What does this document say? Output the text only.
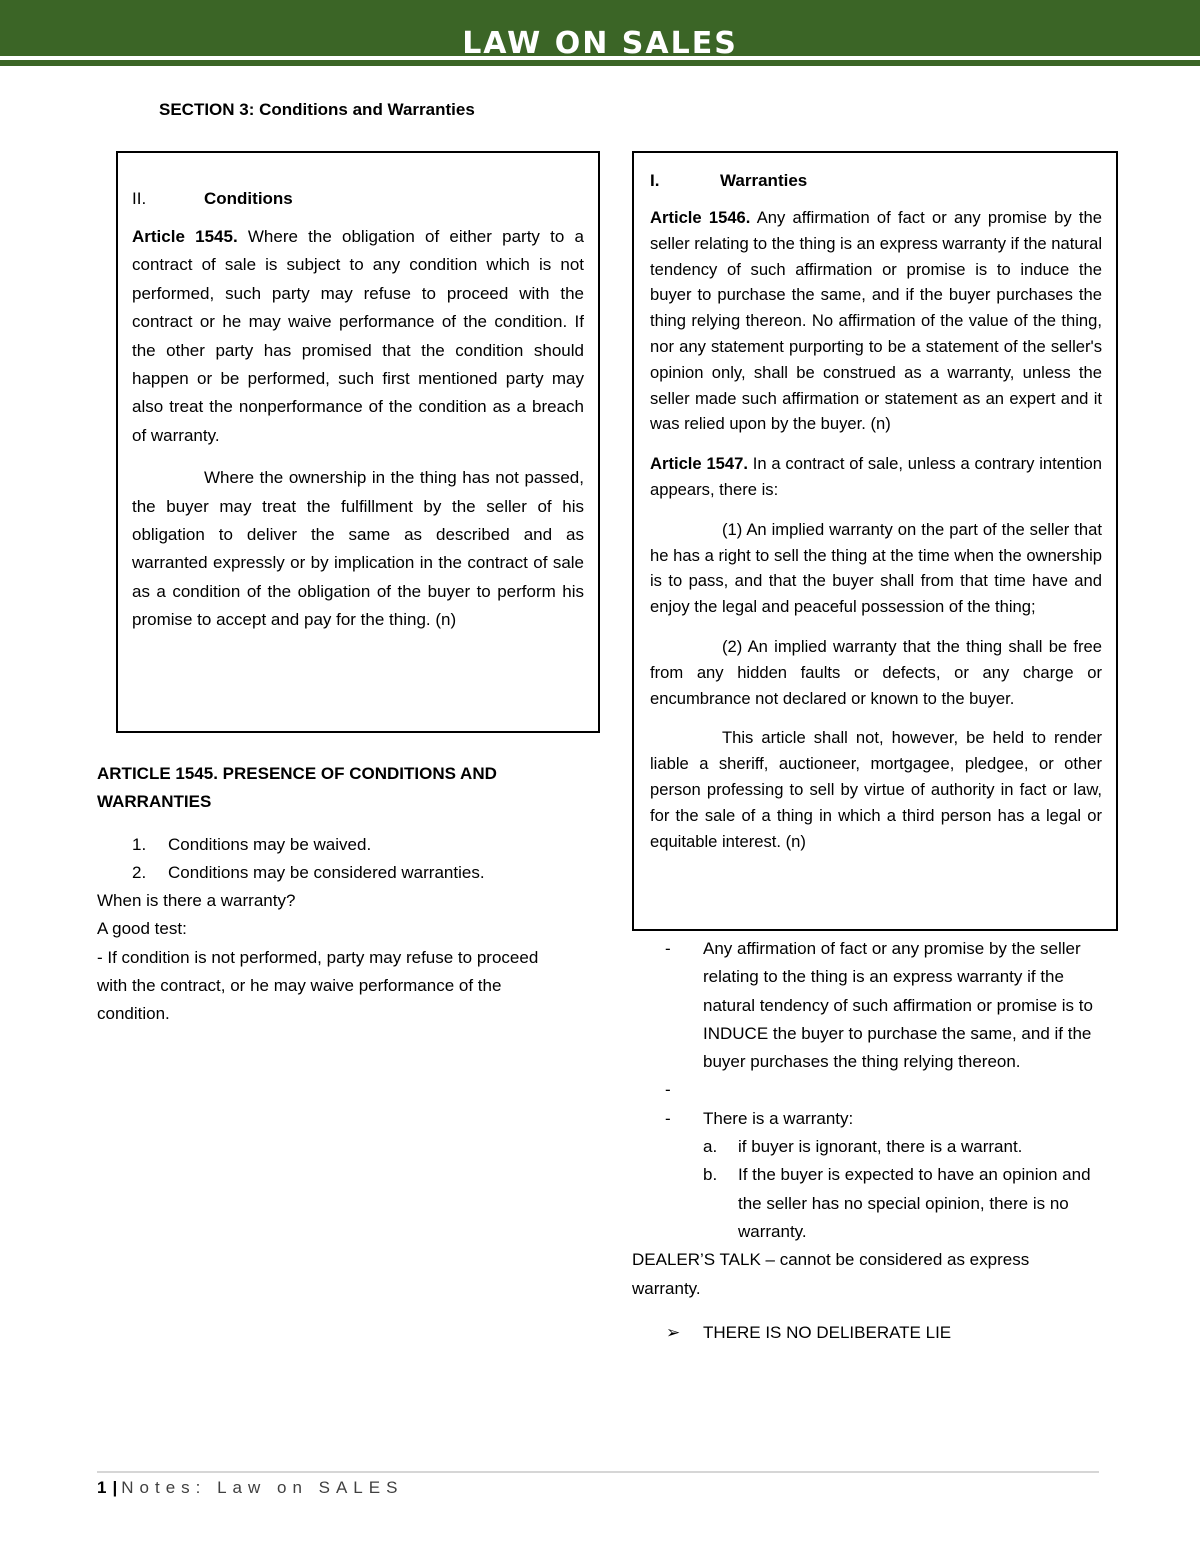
LAW ON SALES
SECTION 3: Conditions and Warranties
II.	Conditions

Article 1545. Where the obligation of either party to a contract of sale is subject to any condition which is not performed, such party may refuse to proceed with the contract or he may waive performance of the condition. If the other party has promised that the condition should happen or be performed, such first mentioned party may also treat the nonperformance of the condition as a breach of warranty.

Where the ownership in the thing has not passed, the buyer may treat the fulfillment by the seller of his obligation to deliver the same as described and as warranted expressly or by implication in the contract of sale as a condition of the obligation of the buyer to perform his promise to accept and pay for the thing. (n)

I.	Warranties

Article 1546. Any affirmation of fact or any promise by the seller relating to the thing is an express warranty if the natural tendency of such affirmation or promise is to induce the buyer to purchase the same, and if the buyer purchases the thing relying thereon. No affirmation of the value of the thing, nor any statement purporting to be a statement of the seller's opinion only, shall be construed as a warranty, unless the seller made such affirmation or statement as an expert and it was relied upon by the buyer. (n)

Article 1547. In a contract of sale, unless a contrary intention appears, there is:

(1) An implied warranty on the part of the seller that he has a right to sell the thing at the time when the ownership is to pass, and that the buyer shall from that time have and enjoy the legal and peaceful possession of the thing;

(2) An implied warranty that the thing shall be free from any hidden faults or defects, or any charge or encumbrance not declared or known to the buyer.

This article shall not, however, be held to render liable a sheriff, auctioneer, mortgagee, pledgee, or other person professing to sell by virtue of authority in fact or law, for the sale of a thing in which a third person has a legal or equitable interest. (n)

ARTICLE 1545. PRESENCE OF CONDITIONS AND WARRANTIES

1.	Conditions may be waived.
2.	Conditions may be considered warranties.

When is there a warranty?

A good test:

- If condition is not performed, party may refuse to proceed with the contract, or he may waive performance of the condition.

-	Any affirmation of fact or any promise by the seller relating to the thing is an express warranty if the natural tendency of such affirmation or promise is to INDUCE the buyer to purchase the same, and if the buyer purchases the thing relying thereon.
-
-	There is a warranty:
a.	if buyer is ignorant, there is a warrant.
b.	If the buyer is expected to have an opinion and the seller has no special opinion, there is no warranty.

DEALER’S TALK – cannot be considered as express warranty.

➢	THERE IS NO DELIBERATE LIE
1 | Notes: Law on SALES
